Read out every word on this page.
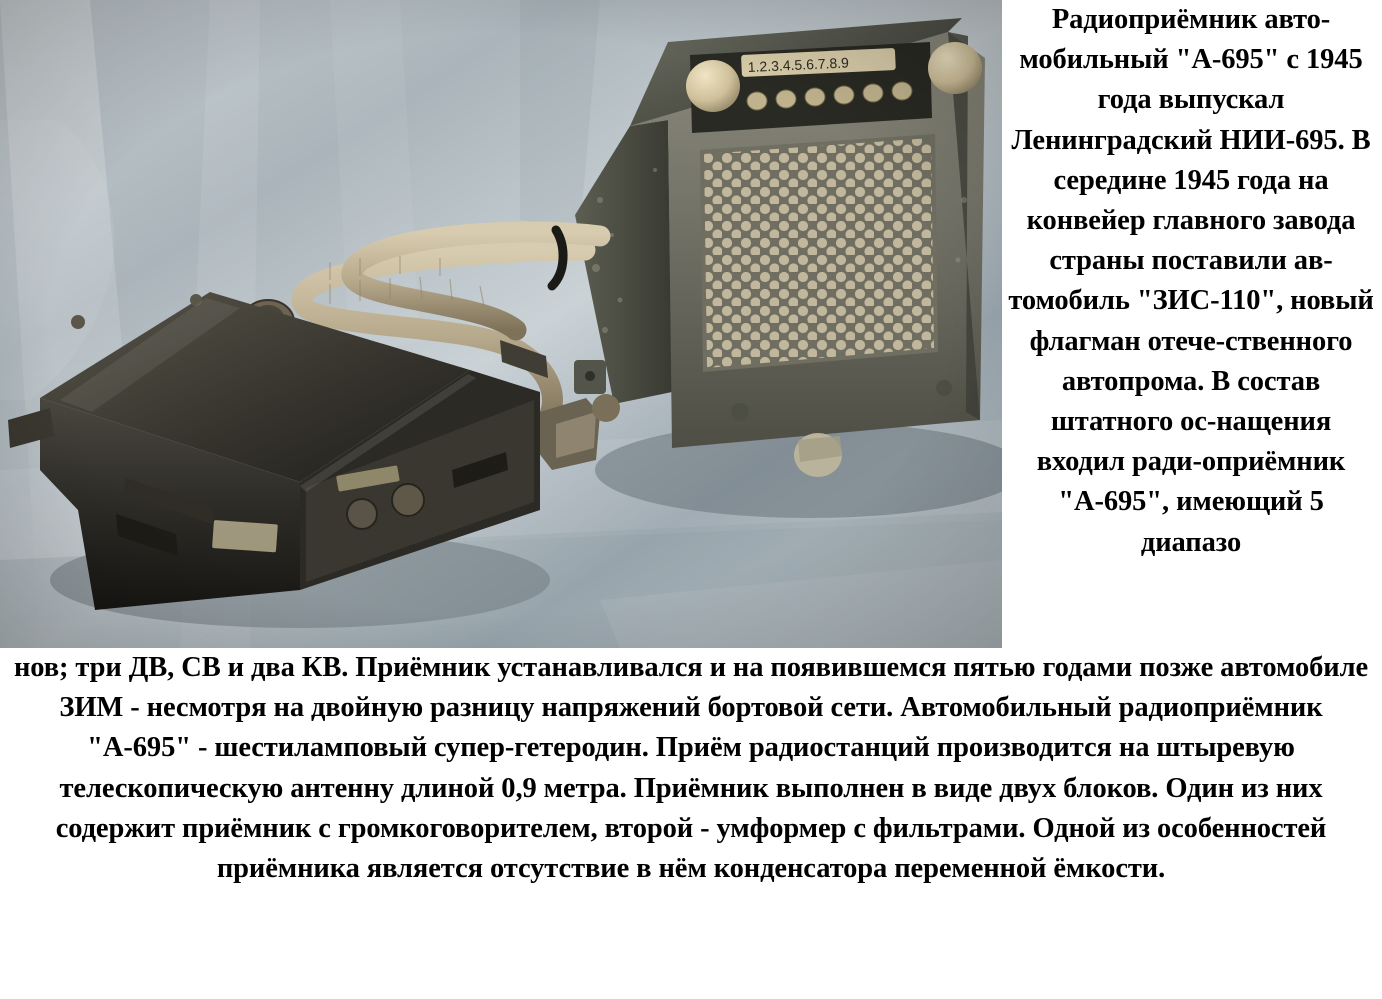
Радиоприёмник авто-мобильный "А-695" с 1945 года выпускал Ленинградский НИИ-695. В середине 1945 года на конвейер главного завода страны поставили ав-томобиль "ЗИС-110", новый флагман отече-ственного автопрома. В состав штатного ос-нащения входил ради-оприёмник "А-695", имеющий 5 диапазо

нов; три ДВ, СВ и два КВ. Приёмник устанавливался и на появившемся пятью годами позже автомобиле ЗИМ - несмотря на двойную разницу напряжений бортовой сети. Автомобильный радиоприёмник "А-695" - шестиламповый супер-гетеродин. Приём радиостанций производится на штыревую телескопическую антенну длиной 0,9 метра. Приёмник выполнен в виде двух блоков. Один из них содержит приёмник с громкоговорителем, второй - умформер с фильтрами. Одной из особенностей приёмника является отсутствие в нём конденсатора переменной ёмкости.
